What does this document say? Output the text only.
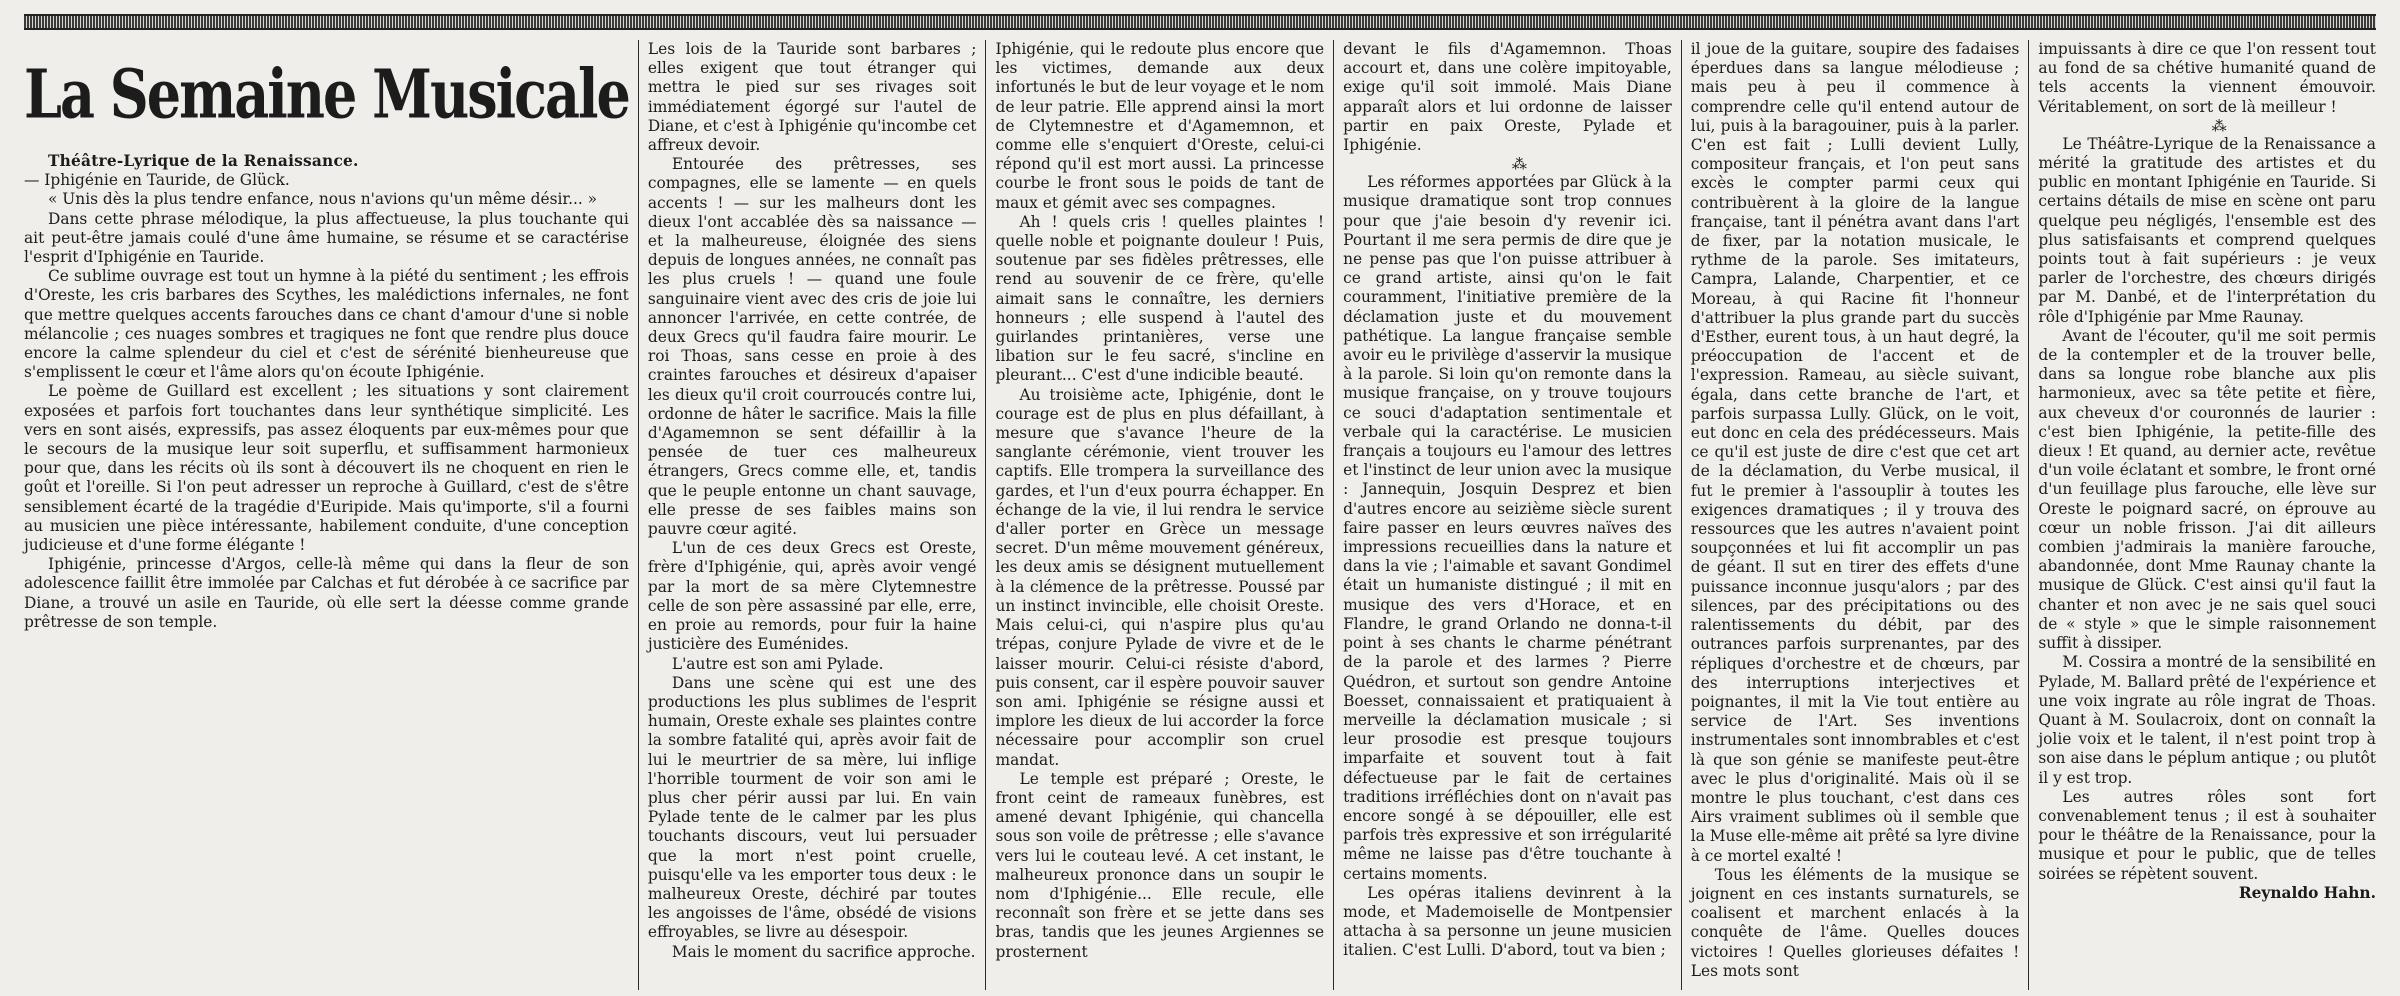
La Semaine Musicale

Théâtre-Lyrique de la Renaissance.

— Iphigénie en Tauride, de Glück.

« Unis dès la plus tendre enfance, nous n'avions qu'un même désir... »

Dans cette phrase mélodique, la plus affectueuse, la plus touchante qui ait peut-être jamais coulé d'une âme humaine, se résume et se caractérise l'esprit d'Iphigénie en Tauride.

Ce sublime ouvrage est tout un hymne à la piété du sentiment ; les effrois d'Oreste, les cris barbares des Scythes, les malédictions infernales, ne font que mettre quelques accents farouches dans ce chant d'amour d'une si noble mélancolie ; ces nuages sombres et tragiques ne font que rendre plus douce encore la calme splendeur du ciel et c'est de sérénité bienheureuse que s'emplissent le cœur et l'âme alors qu'on écoute Iphigénie.

Le poème de Guillard est excellent ; les situations y sont clairement exposées et parfois fort touchantes dans leur synthétique simplicité. Les vers en sont aisés, expressifs, pas assez éloquents par eux-mêmes pour que le secours de la musique leur soit superflu, et suffisamment harmonieux pour que, dans les récits où ils sont à découvert ils ne choquent en rien le goût et l'oreille. Si l'on peut adresser un reproche à Guillard, c'est de s'être sensiblement écarté de la tragédie d'Euripide. Mais qu'importe, s'il a fourni au musicien une pièce intéressante, habilement conduite, d'une conception judicieuse et d'une forme élégante !

Iphigénie, princesse d'Argos, celle-là même qui dans la fleur de son adolescence faillit être immolée par Calchas et fut dérobée à ce sacrifice par Diane, a trouvé un asile en Tauride, où elle sert la déesse comme grande prêtresse de son temple.

Les lois de la Tauride sont barbares ; elles exigent que tout étranger qui mettra le pied sur ses rivages soit immédiatement égorgé sur l'autel de Diane, et c'est à Iphigénie qu'incombe cet affreux devoir.

Entourée des prêtresses, ses compagnes, elle se lamente — en quels accents ! — sur les malheurs dont les dieux l'ont accablée dès sa naissance — et la malheureuse, éloignée des siens depuis de longues années, ne connaît pas les plus cruels ! — quand une foule sanguinaire vient avec des cris de joie lui annoncer l'arrivée, en cette contrée, de deux Grecs qu'il faudra faire mourir. Le roi Thoas, sans cesse en proie à des craintes farouches et désireux d'apaiser les dieux qu'il croit courroucés contre lui, ordonne de hâter le sacrifice. Mais la fille d'Agamemnon se sent défaillir à la pensée de tuer ces malheureux étrangers, Grecs comme elle, et, tandis que le peuple entonne un chant sauvage, elle presse de ses faibles mains son pauvre cœur agité.

L'un de ces deux Grecs est Oreste, frère d'Iphigénie, qui, après avoir vengé par la mort de sa mère Clytemnestre celle de son père assassiné par elle, erre, en proie au remords, pour fuir la haine justicière des Euménides.

L'autre est son ami Pylade.

Dans une scène qui est une des productions les plus sublimes de l'esprit humain, Oreste exhale ses plaintes contre la sombre fatalité qui, après avoir fait de lui le meurtrier de sa mère, lui inflige l'horrible tourment de voir son ami le plus cher périr aussi par lui. En vain Pylade tente de le calmer par les plus touchants discours, veut lui persuader que la mort n'est point cruelle, puisqu'elle va les emporter tous deux : le malheureux Oreste, déchiré par toutes les angoisses de l'âme, obsédé de visions effroyables, se livre au désespoir.

Mais le moment du sacrifice approche.

Iphigénie, qui le redoute plus encore que les victimes, demande aux deux infortunés le but de leur voyage et le nom de leur patrie. Elle apprend ainsi la mort de Clytemnestre et d'Agamemnon, et comme elle s'enquiert d'Oreste, celui-ci répond qu'il est mort aussi. La princesse courbe le front sous le poids de tant de maux et gémit avec ses compagnes.

Ah ! quels cris ! quelles plaintes ! quelle noble et poignante douleur ! Puis, soutenue par ses fidèles prêtresses, elle rend au souvenir de ce frère, qu'elle aimait sans le connaître, les derniers honneurs ; elle suspend à l'autel des guirlandes printanières, verse une libation sur le feu sacré, s'incline en pleurant... C'est d'une indicible beauté.

Au troisième acte, Iphigénie, dont le courage est de plus en plus défaillant, à mesure que s'avance l'heure de la sanglante cérémonie, vient trouver les captifs. Elle trompera la surveillance des gardes, et l'un d'eux pourra échapper. En échange de la vie, il lui rendra le service d'aller porter en Grèce un message secret. D'un même mouvement généreux, les deux amis se désignent mutuellement à la clémence de la prêtresse. Poussé par un instinct invincible, elle choisit Oreste. Mais celui-ci, qui n'aspire plus qu'au trépas, conjure Pylade de vivre et de le laisser mourir. Celui-ci résiste d'abord, puis consent, car il espère pouvoir sauver son ami. Iphigénie se résigne aussi et implore les dieux de lui accorder la force nécessaire pour accomplir son cruel mandat.

Le temple est préparé ; Oreste, le front ceint de rameaux funèbres, est amené devant Iphigénie, qui chancella sous son voile de prêtresse ; elle s'avance vers lui le couteau levé. A cet instant, le malheureux prononce dans un soupir le nom d'Iphigénie... Elle recule, elle reconnaît son frère et se jette dans ses bras, tandis que les jeunes Argiennes se prosternent

devant le fils d'Agamemnon. Thoas accourt et, dans une colère impitoyable, exige qu'il soit immolé. Mais Diane apparaît alors et lui ordonne de laisser partir en paix Oreste, Pylade et Iphigénie.

⁂

Les réformes apportées par Glück à la musique dramatique sont trop connues pour que j'aie besoin d'y revenir ici. Pourtant il me sera permis de dire que je ne pense pas que l'on puisse attribuer à ce grand artiste, ainsi qu'on le fait couramment, l'initiative première de la déclamation juste et du mouvement pathétique. La langue française semble avoir eu le privilège d'asservir la musique à la parole. Si loin qu'on remonte dans la musique française, on y trouve toujours ce souci d'adaptation sentimentale et verbale qui la caractérise. Le musicien français a toujours eu l'amour des lettres et l'instinct de leur union avec la musique : Jannequin, Josquin Desprez et bien d'autres encore au seizième siècle surent faire passer en leurs œuvres naïves des impressions recueillies dans la nature et dans la vie ; l'aimable et savant Gondimel était un humaniste distingué ; il mit en musique des vers d'Horace, et en Flandre, le grand Orlando ne donna-t-il point à ses chants le charme pénétrant de la parole et des larmes ? Pierre Quédron, et surtout son gendre Antoine Boesset, connaissaient et pratiquaient à merveille la déclamation musicale ; si leur prosodie est presque toujours imparfaite et souvent tout à fait défectueuse par le fait de certaines traditions irréfléchies dont on n'avait pas encore songé à se dépouiller, elle est parfois très expressive et son irrégularité même ne laisse pas d'être touchante à certains moments.

Les opéras italiens devinrent à la mode, et Mademoiselle de Montpensier attacha à sa personne un jeune musicien italien. C'est Lulli. D'abord, tout va bien ;

il joue de la guitare, soupire des fadaises éperdues dans sa langue mélodieuse ; mais peu à peu il commence à comprendre celle qu'il entend autour de lui, puis à la baragouiner, puis à la parler. C'en est fait ; Lulli devient Lully, compositeur français, et l'on peut sans excès le compter parmi ceux qui contribuèrent à la gloire de la langue française, tant il pénétra avant dans l'art de fixer, par la notation musicale, le rythme de la parole. Ses imitateurs, Campra, Lalande, Charpentier, et ce Moreau, à qui Racine fit l'honneur d'attribuer la plus grande part du succès d'Esther, eurent tous, à un haut degré, la préoccupation de l'accent et de l'expression. Rameau, au siècle suivant, égala, dans cette branche de l'art, et parfois surpassa Lully. Glück, on le voit, eut donc en cela des prédécesseurs. Mais ce qu'il est juste de dire c'est que cet art de la déclamation, du Verbe musical, il fut le premier à l'assouplir à toutes les exigences dramatiques ; il y trouva des ressources que les autres n'avaient point soupçonnées et lui fit accomplir un pas de géant. Il sut en tirer des effets d'une puissance inconnue jusqu'alors ; par des silences, par des précipitations ou des ralentissements du débit, par des outrances parfois surprenantes, par des répliques d'orchestre et de chœurs, par des interruptions interjectives et poignantes, il mit la Vie tout entière au service de l'Art. Ses inventions instrumentales sont innombrables et c'est là que son génie se manifeste peut-être avec le plus d'originalité. Mais où il se montre le plus touchant, c'est dans ces Airs vraiment sublimes où il semble que la Muse elle-même ait prêté sa lyre divine à ce mortel exalté !

Tous les éléments de la musique se joignent en ces instants surnaturels, se coalisent et marchent enlacés à la conquête de l'âme. Quelles douces victoires ! Quelles glorieuses défaites ! Les mots sont

impuissants à dire ce que l'on ressent tout au fond de sa chétive humanité quand de tels accents la viennent émouvoir. Véritablement, on sort de là meilleur !

⁂

Le Théâtre-Lyrique de la Renaissance a mérité la gratitude des artistes et du public en montant Iphigénie en Tauride. Si certains détails de mise en scène ont paru quelque peu négligés, l'ensemble est des plus satisfaisants et comprend quelques points tout à fait supérieurs : je veux parler de l'orchestre, des chœurs dirigés par M. Danbé, et de l'interprétation du rôle d'Iphigénie par Mme Raunay.

Avant de l'écouter, qu'il me soit permis de la contempler et de la trouver belle, dans sa longue robe blanche aux plis harmonieux, avec sa tête petite et fière, aux cheveux d'or couronnés de laurier : c'est bien Iphigénie, la petite-fille des dieux ! Et quand, au dernier acte, revêtue d'un voile éclatant et sombre, le front orné d'un feuillage plus farouche, elle lève sur Oreste le poignard sacré, on éprouve au cœur un noble frisson. J'ai dit ailleurs combien j'admirais la manière farouche, abandonnée, dont Mme Raunay chante la musique de Glück. C'est ainsi qu'il faut la chanter et non avec je ne sais quel souci de « style » que le simple raisonnement suffit à dissiper.

M. Cossira a montré de la sensibilité en Pylade, M. Ballard prêté de l'expérience et une voix ingrate au rôle ingrat de Thoas. Quant à M. Soulacroix, dont on connaît la jolie voix et le talent, il n'est point trop à son aise dans le péplum antique ; ou plutôt il y est trop.

Les autres rôles sont fort convenablement tenus ; il est à souhaiter pour le théâtre de la Renaissance, pour la musique et pour le public, que de telles soirées se répètent souvent.

Reynaldo Hahn.
